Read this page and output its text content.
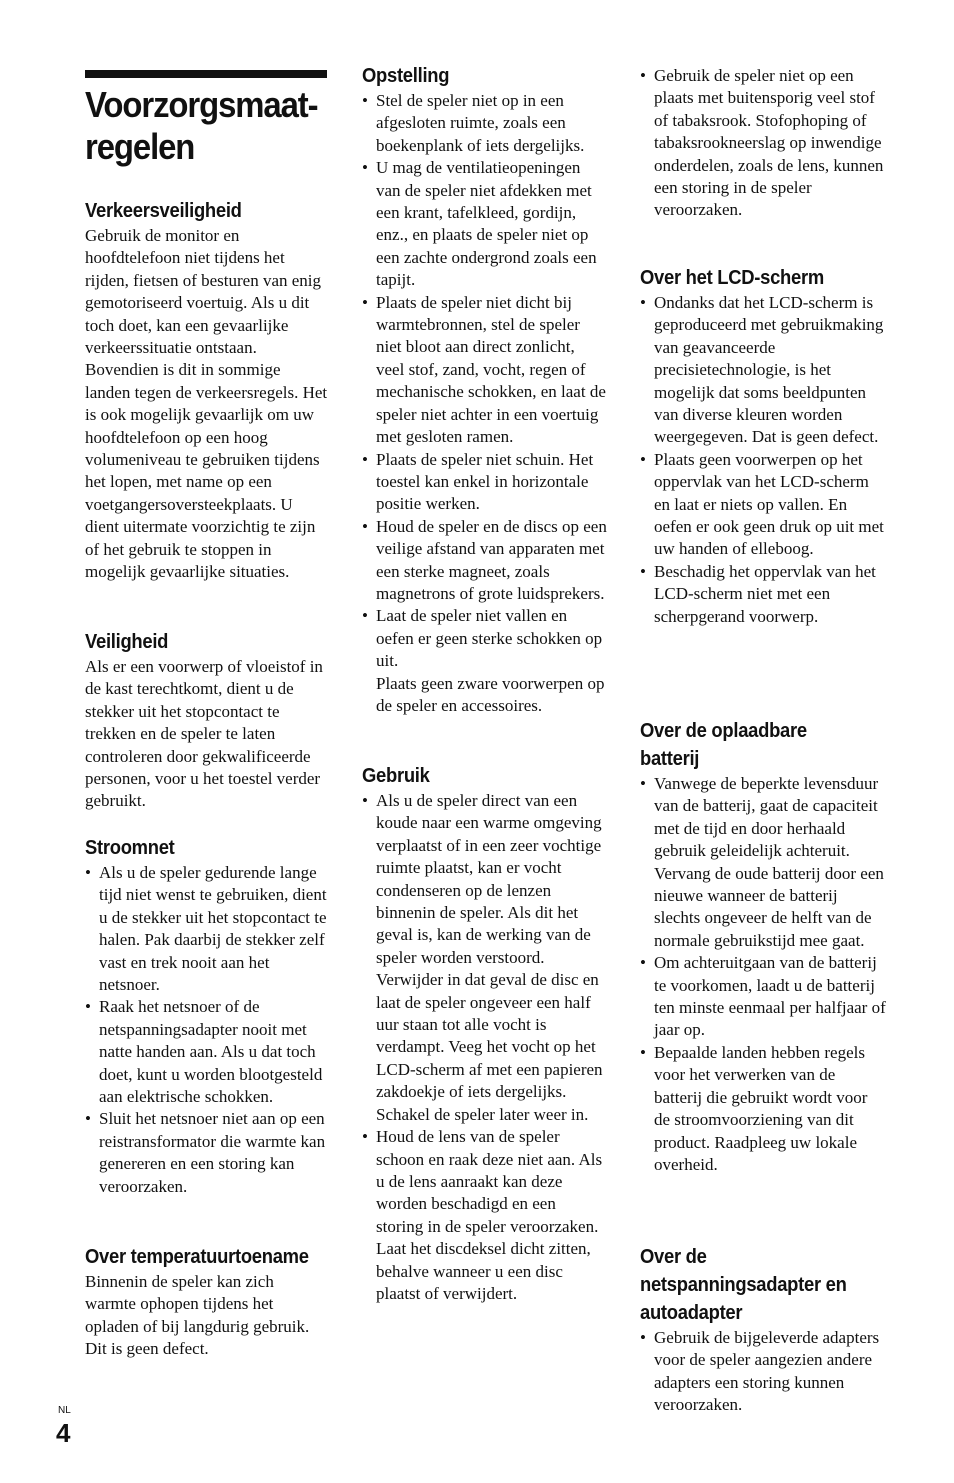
Voorzorgsmaat-
regelen
Verkeersveiligheid

Gebruik de monitor en hoofdtelefoon niet tijdens het rijden, fietsen of besturen van enig gemotoriseerd voertuig. Als u dit toch doet, kan een gevaarlijke verkeerssituatie ontstaan. Bovendien is dit in sommige landen tegen de verkeersregels. Het is ook mogelijk gevaarlijk om uw hoofdtelefoon op een hoog volumeniveau te gebruiken tijdens het lopen, met name op een voetgangersoversteekplaats. U dient uitermate voorzichtig te zijn of het gebruik te stoppen in mogelijk gevaarlijke situaties.

Veiligheid

Als er een voorwerp of vloeistof in de kast terechtkomt, dient u de stekker uit het stopcontact te trekken en de speler te laten controleren door gekwalificeerde personen, voor u het toestel verder gebruikt.

Stroomnet
• Als u de speler gedurende lange tijd niet wenst te gebruiken, dient u de stekker uit het stopcontact te halen. Pak daarbij de stekker zelf vast en trek nooit aan het netsnoer.
• Raak het netsnoer of de netspanningsadapter nooit met natte handen aan. Als u dat toch doet, kunt u worden blootgesteld aan elektrische schokken.
• Sluit het netsnoer niet aan op een reistransformator die warmte kan genereren en een storing kan veroorzaken.
Over temperatuurtoename

Binnenin de speler kan zich warmte ophopen tijdens het opladen of bij langdurig gebruik. Dit is geen defect.

Opstelling
• Stel de speler niet op in een afgesloten ruimte, zoals een boekenplank of iets dergelijks.
• U mag de ventilatieopeningen van de speler niet afdekken met een krant, tafelkleed, gordijn, enz., en plaats de speler niet op een zachte ondergrond zoals een tapijt.
• Plaats de speler niet dicht bij warmtebronnen, stel de speler niet bloot aan direct zonlicht, veel stof, zand, vocht, regen of mechanische schokken, en laat de speler niet achter in een voertuig met gesloten ramen.
• Plaats de speler niet schuin. Het toestel kan enkel in horizontale positie werken.
• Houd de speler en de discs op een veilige afstand van apparaten met een sterke magneet, zoals magnetrons of grote luidsprekers.
• Laat de speler niet vallen en oefen er geen sterke schokken op uit.
Plaats geen zware voorwerpen op de speler en accessoires.
Gebruik
• Als u de speler direct van een koude naar een warme omgeving verplaatst of in een zeer vochtige ruimte plaatst, kan er vocht condenseren op de lenzen binnenin de speler. Als dit het geval is, kan de werking van de speler worden verstoord. Verwijder in dat geval de disc en laat de speler ongeveer een half uur staan tot alle vocht is verdampt. Veeg het vocht op het LCD-scherm af met een papieren zakdoekje of iets dergelijks. Schakel de speler later weer in.
• Houd de lens van de speler schoon en raak deze niet aan. Als u de lens aanraakt kan deze worden beschadigd en een storing in de speler veroorzaken. Laat het discdeksel dicht zitten, behalve wanneer u een disc plaatst of verwijdert.
• Gebruik de speler niet op een plaats met buitensporig veel stof of tabaksrook. Stofophoping of tabaksrookneerslag op inwendige onderdelen, zoals de lens, kunnen een storing in de speler veroorzaken.
Over het LCD-scherm
• Ondanks dat het LCD-scherm is geproduceerd met gebruikmaking van geavanceerde precisietechnologie, is het mogelijk dat soms beeldpunten van diverse kleuren worden weergegeven. Dat is geen defect.
• Plaats geen voorwerpen op het oppervlak van het LCD-scherm en laat er niets op vallen. En oefen er ook geen druk op uit met uw handen of elleboog.
• Beschadig het oppervlak van het LCD-scherm niet met een scherpgerand voorwerp.
Over de oplaadbare batterij
• Vanwege de beperkte levensduur van de batterij, gaat de capaciteit met de tijd en door herhaald gebruik geleidelijk achteruit. Vervang de oude batterij door een nieuwe wanneer de batterij slechts ongeveer de helft van de normale gebruikstijd mee gaat.
• Om achteruitgaan van de batterij te voorkomen, laadt u de batterij ten minste eenmaal per halfjaar of jaar op.
• Bepaalde landen hebben regels voor het verwerken van de batterij die gebruikt wordt voor de stroomvoorziening van dit product. Raadpleeg uw lokale overheid.
Over de netspanningsadapter en autoadapter
• Gebruik de bijgeleverde adapters voor de speler aangezien andere adapters een storing kunnen veroorzaken.
NL
4
